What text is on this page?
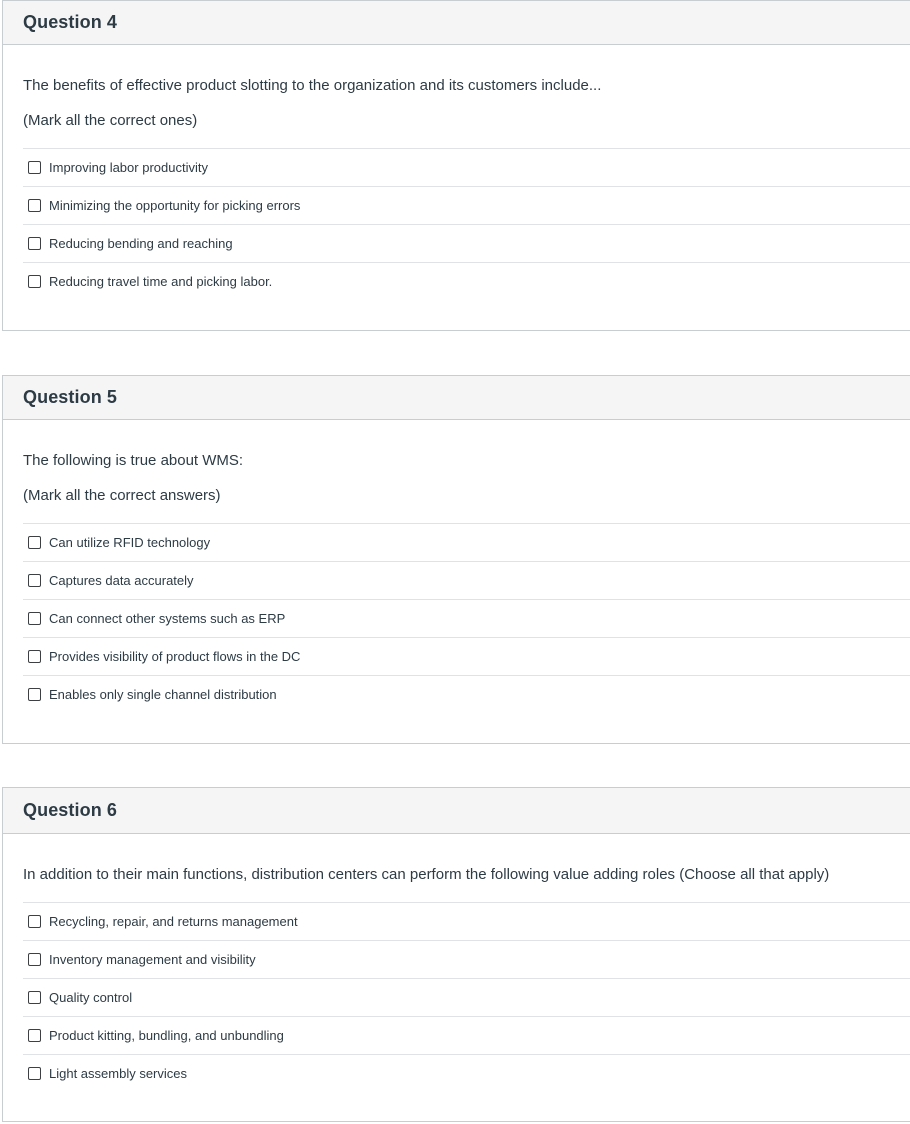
Question 4

The benefits of effective product slotting to the organization and its customers include...

(Mark all the correct ones)

Improving labor productivity
Minimizing the opportunity for picking errors
Reducing bending and reaching
Reducing travel time and picking labor.
Question 5

The following is true about WMS:

(Mark all the correct answers)

Can utilize RFID technology
Captures data accurately
Can connect other systems such as ERP
Provides visibility of product flows in the DC
Enables only single channel distribution
Question 6

In addition to their main functions, distribution centers can perform the following value adding roles (Choose all that apply)

Recycling, repair, and returns management
Inventory management and visibility
Quality control
Product kitting, bundling, and unbundling
Light assembly services
